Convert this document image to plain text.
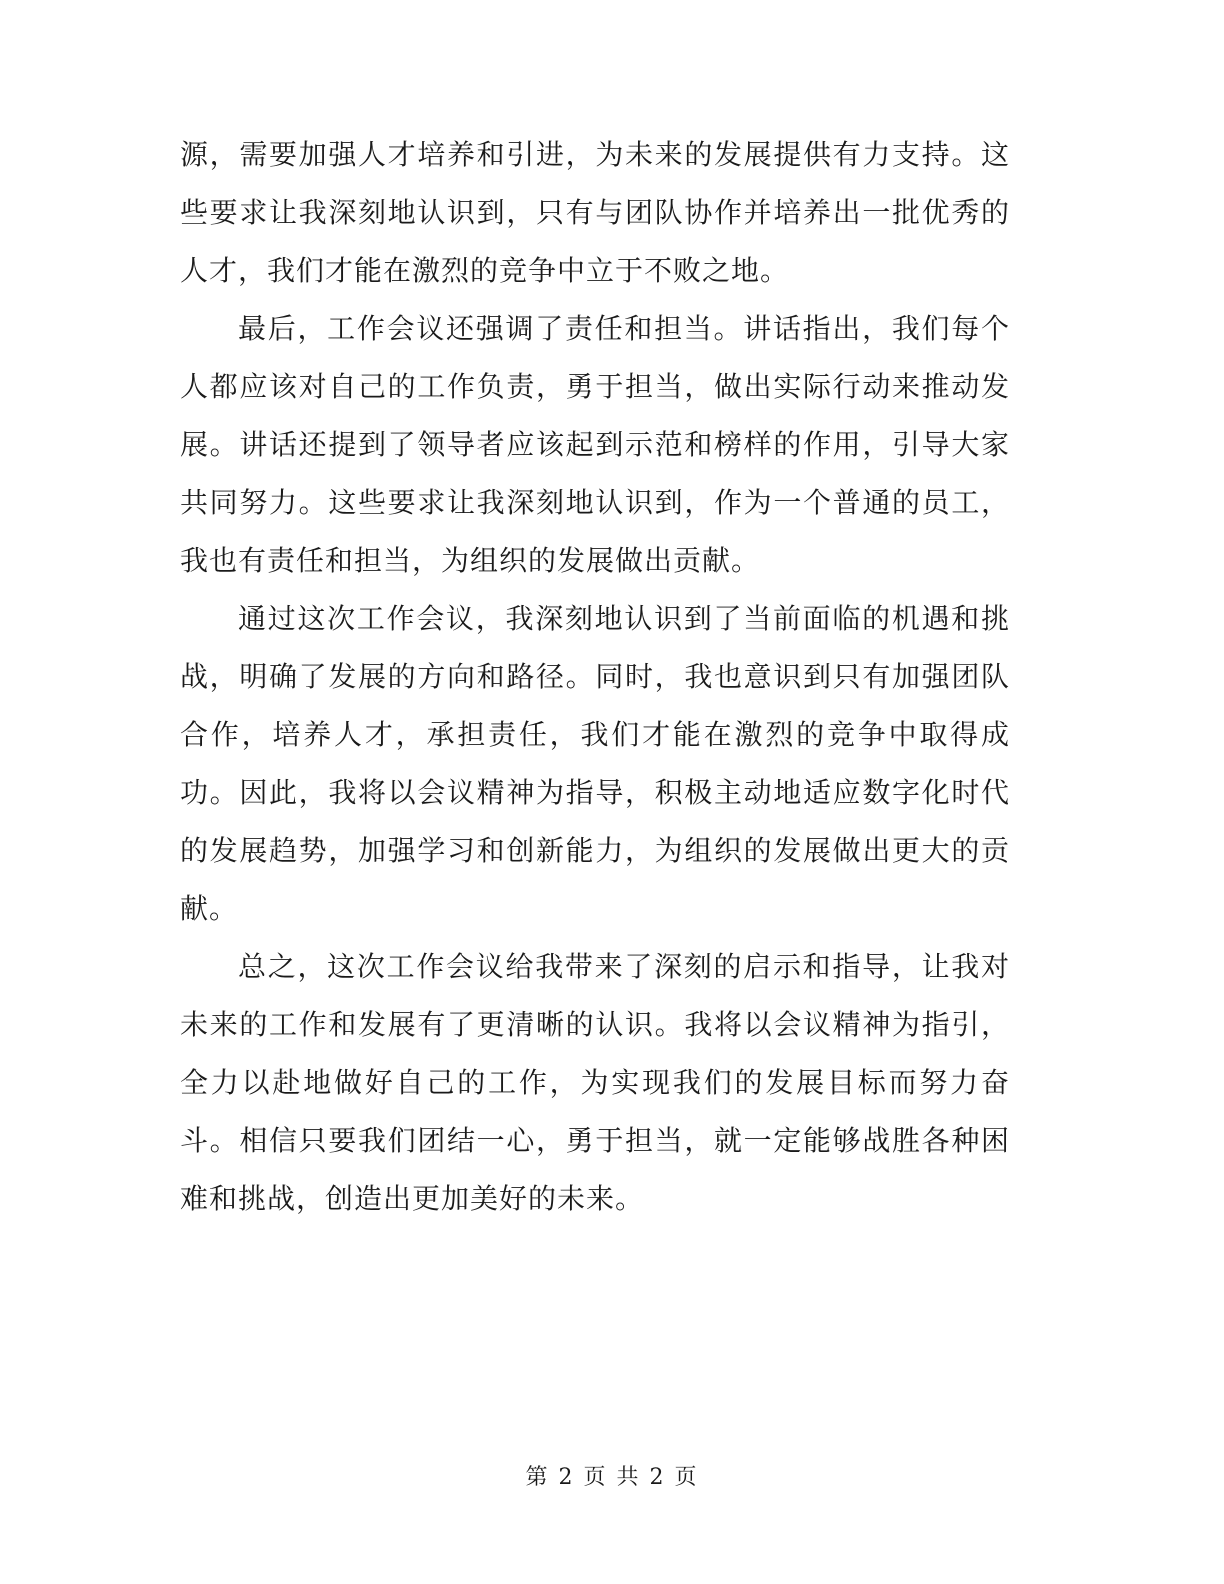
源，需要加强人才培养和引进，为未来的发展提供有力支持。这些要求让我深刻地认识到，只有与团队协作并培养出一批优秀的人才，我们才能在激烈的竞争中立于不败之地。

最后，工作会议还强调了责任和担当。讲话指出，我们每个人都应该对自己的工作负责，勇于担当，做出实际行动来推动发展。讲话还提到了领导者应该起到示范和榜样的作用，引导大家共同努力。这些要求让我深刻地认识到，作为一个普通的员工，我也有责任和担当，为组织的发展做出贡献。

通过这次工作会议，我深刻地认识到了当前面临的机遇和挑战，明确了发展的方向和路径。同时，我也意识到只有加强团队合作，培养人才，承担责任，我们才能在激烈的竞争中取得成功。因此，我将以会议精神为指导，积极主动地适应数字化时代的发展趋势，加强学习和创新能力，为组织的发展做出更大的贡献。

总之，这次工作会议给我带来了深刻的启示和指导，让我对未来的工作和发展有了更清晰的认识。我将以会议精神为指引，全力以赴地做好自己的工作，为实现我们的发展目标而努力奋斗。相信只要我们团结一心，勇于担当，就一定能够战胜各种困难和挑战，创造出更加美好的未来。

第 2 页 共 2 页
